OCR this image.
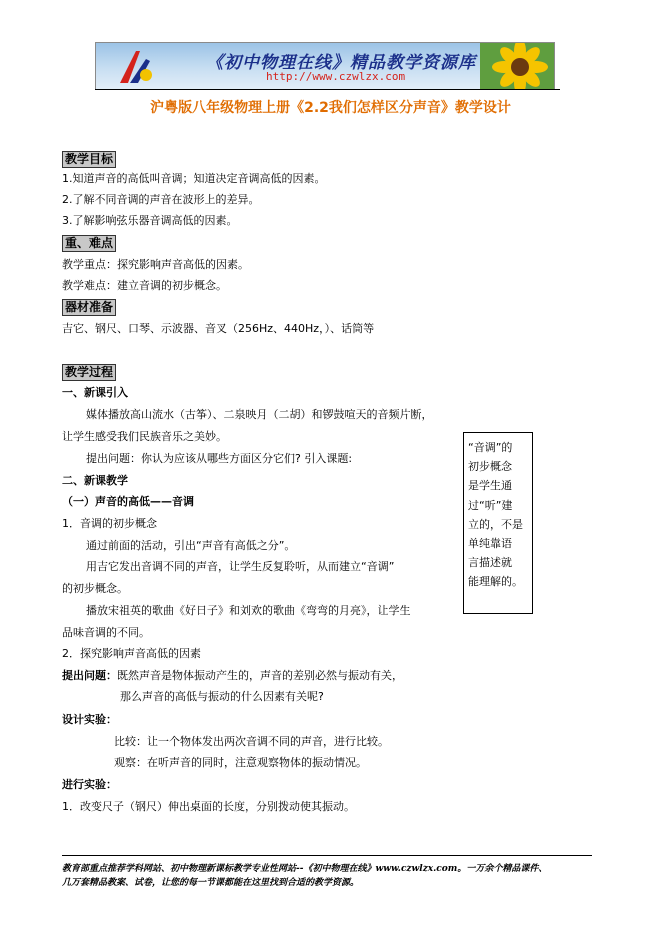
《初中物理在线》精品教学资源库
http://www.czwlzx.com
沪粤版八年级物理上册《2.2我们怎样区分声音》教学设计
教学目标
1.知道声音的高低叫音调；知道决定音调高低的因素。
2.了解不同音调的声音在波形上的差异。
3.了解影响弦乐器音调高低的因素。
重、难点
教学重点：探究影响声音高低的因素。
教学难点：建立音调的初步概念。
器材准备
吉它、钢尺、口琴、示波器、音叉（256Hz、440Hz，）、话筒等
教学过程
一、新课引入
媒体播放高山流水（古筝）、二泉映月（二胡）和锣鼓喧天的音频片断，
让学生感受我们民族音乐之美妙。
提出问题：你认为应该从哪些方面区分它们? 引入课题:
二、新课教学
（一）声音的高低——音调
1．音调的初步概念
通过前面的活动，引出“声音有高低之分”。
用吉它发出音调不同的声音，让学生反复聆听，从而建立“音调”
的初步概念。
播放宋祖英的歌曲《好日子》和刘欢的歌曲《弯弯的月亮》，让学生
品味音调的不同。
2．探究影响声音高低的因素
提出问题：既然声音是物体振动产生的，声音的差别必然与振动有关，
那么声音的高低与振动的什么因素有关呢?
设计实验：
比较：让一个物体发出两次音调不同的声音，进行比较。
观察：在听声音的同时，注意观察物体的振动情况。
进行实验：
1．改变尺子（钢尺）伸出桌面的长度，分别拨动使其振动。
“音调”的
初步概念
是学生通
过“听”建
立的，不是
单纯靠语
言描述就
能理解的。
教育部重点推荐学科网站、初中物理新课标教学专业性网站--《初中物理在线》www.czwlzx.com。一万余个精品课件、
几万套精品教案、试卷，让您的每一节课都能在这里找到合适的教学资源。
